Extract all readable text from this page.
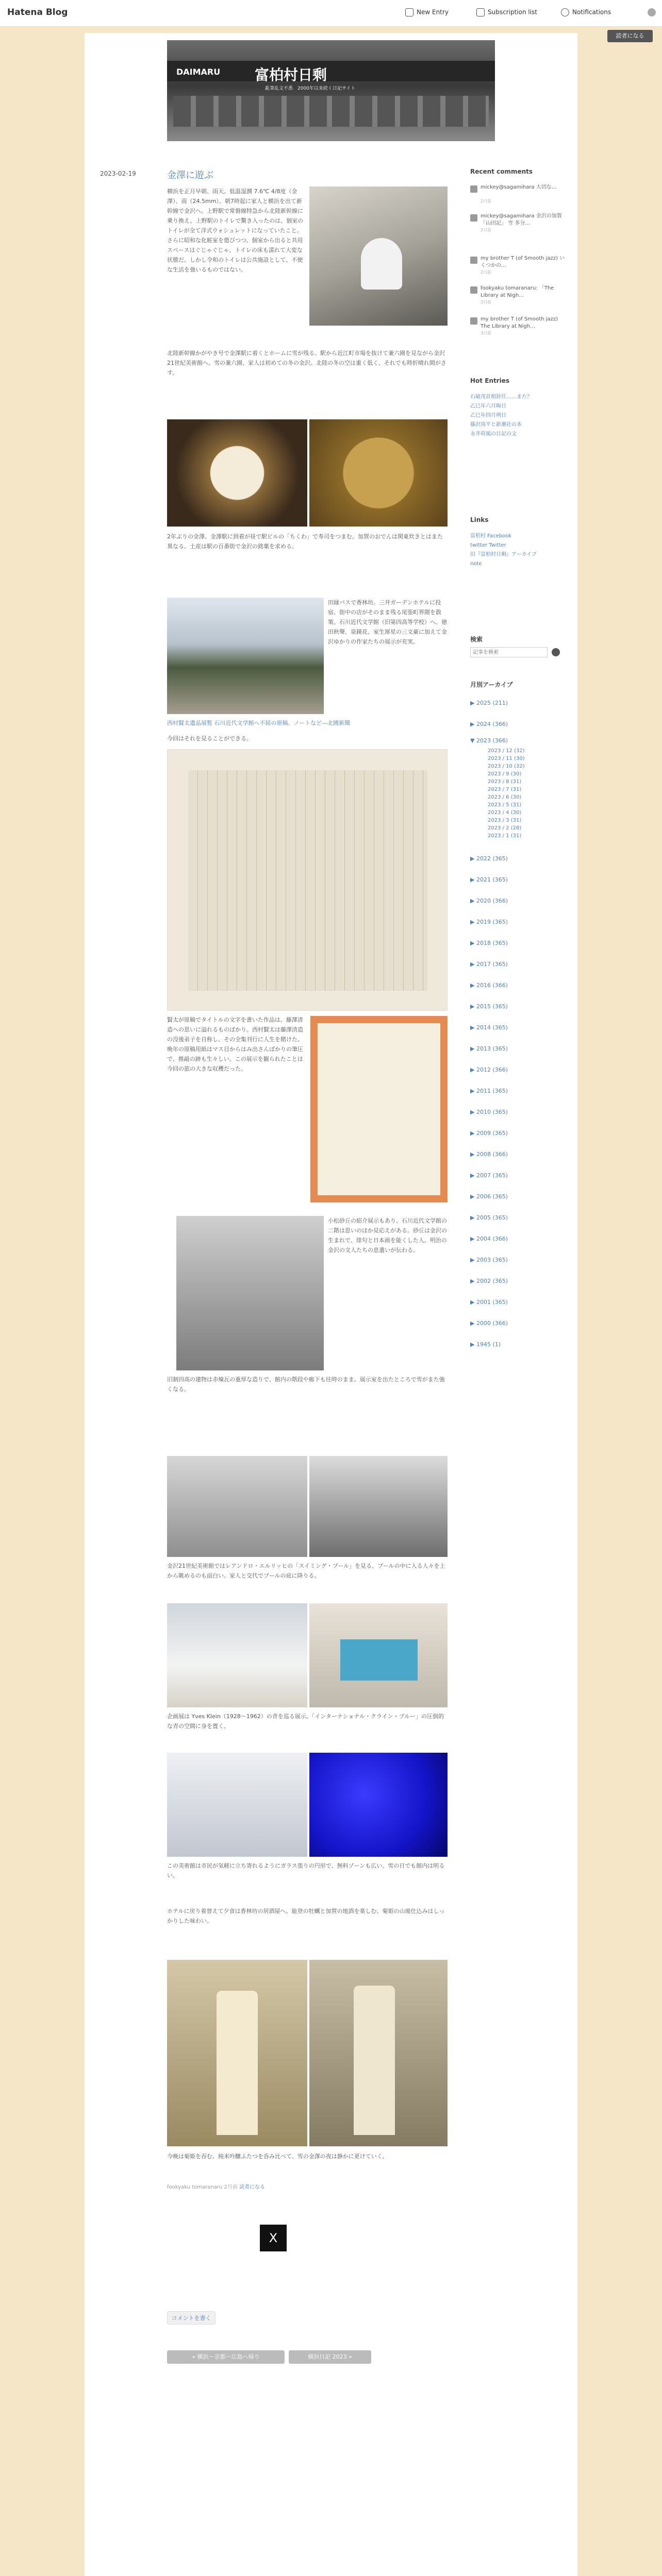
Hatena Blog	New Entry	Subscription list	Notifications
読者になる
DAIMARU 富柏村日剩
亂筆乱文不悉　2000年以来続く日記サイト
2023-02-19	金澤に遊ぶ
横浜を正月早朝、雨天。低温湿潤 7.6℃ 4/8度（金澤）、雨（24.5mm）。朝7時起に家人と横浜を出て新幹線で金沢へ。上野駅で常磐線特急から北陸新幹線に乗り換え。上野駅のトイレで驚き入ったのは、個室のトイレが全て洋式ウォシュレットになっていたこと。さらに昭和な化粧室を偲びつつ、個室から出ると共用スペースはぐじゃぐじゃ、トイレの床も濡れて大変な状態だ。しかし令和のトイレは公共施設として、不便な生活を強いるものではない。
北陸新幹線かがやき号で金澤駅に着くとホームに雪が残る。駅から近江町市場を抜けて兼六園を見ながら金沢21世紀美術館へ。雪の兼六園、家人は初めての冬の金沢。北陸の冬の空は重く低く、それでも時折晴れ間がさす。
2年ぶりの金澤。金澤駅に到着が昼で駅ビルの「ちくわ」で寿司をつまむ。加賀のおでんは関東炊きとはまた異なる。土産は駅の百番街で金沢の銘菓を求める。
田縁バスで香林坊。三井ガーデンホテルに投宿。街中の店がそのまま残る尾張町界隈を散策。石川近代文学館（旧第四高等学校）へ。徳田秋聲、泉鏡花、室生犀星の三文豪に加えて金沢ゆかりの作家たちの展示が充実。
西村賢太遺品展覧 石川近代文学館へ不屈の原稿、ノートなど―北國新聞
今回はそれを見ることができる。
賢太が原稿でタイトルの文字を書いた作品は、藤澤清造への思いに溢れるものばかり。西村賢太は藤澤清造の没後弟子を自称し、その全集刊行に人生を賭けた。晩年の原稿用紙はマス目からはみ出さんばかりの筆圧で、推敲の跡も生々しい。この展示を観られたことは今回の旅の大きな収穫だった。
小松砂丘の紹介展示もあり、石川近代文学館の二階は思いのほか見応えがある。砂丘は金沢の生まれで、俳句と日本画を能くした人。明治の金沢の文人たちの息遣いが伝わる。
旧制四高の建物は赤煉瓦の重厚な造りで、館内の階段や廊下も往時のまま。展示室を出たところで雪がまた強くなる。
金沢21世紀美術館ではレアンドロ・エルリッヒの「スイミング・プール」を見る。プールの中に入る人々を上から眺めるのも面白い。家人と交代でプールの底に降りる。
企画展は Yves Klein（1928〜1962）の青を巡る展示。「インターナショナル・クライン・ブルー」の圧倒的な青の空間に身を置く。
この美術館は市民が気軽に立ち寄れるようにガラス張りの円形で、無料ゾーンも広い。雪の日でも館内は明るい。
ホテルに戻り着替えて夕食は香林坊の居酒屋へ。能登の牡蠣と加賀の地酒を楽しむ。菊姫の山廃仕込みはしっかりした味わい。
今晩は菊姫を吞む。純米吟醸ふたつを呑み比べて、雪の金澤の夜は静かに更けていく。
fookyaku tomaranaru 2月前 読者になる
X
コメントを書く
« 横浜〜京都〜広島へ帰り	横浜日記 2023 »
Recent comments
mickey@sagamihara 大切な…
2日前
mickey@sagamihara 金沢の加賀 「山田記」 雪 多分…
2日前
my brother T (of Smooth jazz) いくつかの…
2日前
fookyaku tomaranaru: 「The Library at Nigh…
3日前
my brother T (of Smooth jazz) The Library at Nigh…
3日前
Hot Entries
石破茂首相辞任……また？
乙巳年六月晦日
乙巳年四月朔日
藤沢周平と新潮社の本
永井荷風の日記の文
Links
富柏村 Facebook
twitter Twitter
旧『富柏村日剩』アーカイブ
note
検索
記事を検索
月別アーカイブ
▶ 2025 (211)
▶ 2024 (366)
▼ 2023 (366)
2023 / 12 (32)
2023 / 11 (30)
2023 / 10 (32)
2023 / 9 (30)
2023 / 8 (31)
2023 / 7 (31)
2023 / 6 (30)
2023 / 5 (31)
2023 / 4 (30)
2023 / 3 (31)
2023 / 2 (28)
2023 / 1 (31)
▶ 2022 (365)
▶ 2021 (365)
▶ 2020 (366)
▶ 2019 (365)
▶ 2018 (365)
▶ 2017 (365)
▶ 2016 (366)
▶ 2015 (365)
▶ 2014 (365)
▶ 2013 (365)
▶ 2012 (366)
▶ 2011 (365)
▶ 2010 (365)
▶ 2009 (365)
▶ 2008 (366)
▶ 2007 (365)
▶ 2006 (365)
▶ 2005 (365)
▶ 2004 (366)
▶ 2003 (365)
▶ 2002 (365)
▶ 2001 (365)
▶ 2000 (366)
▶ 1945 (1)
